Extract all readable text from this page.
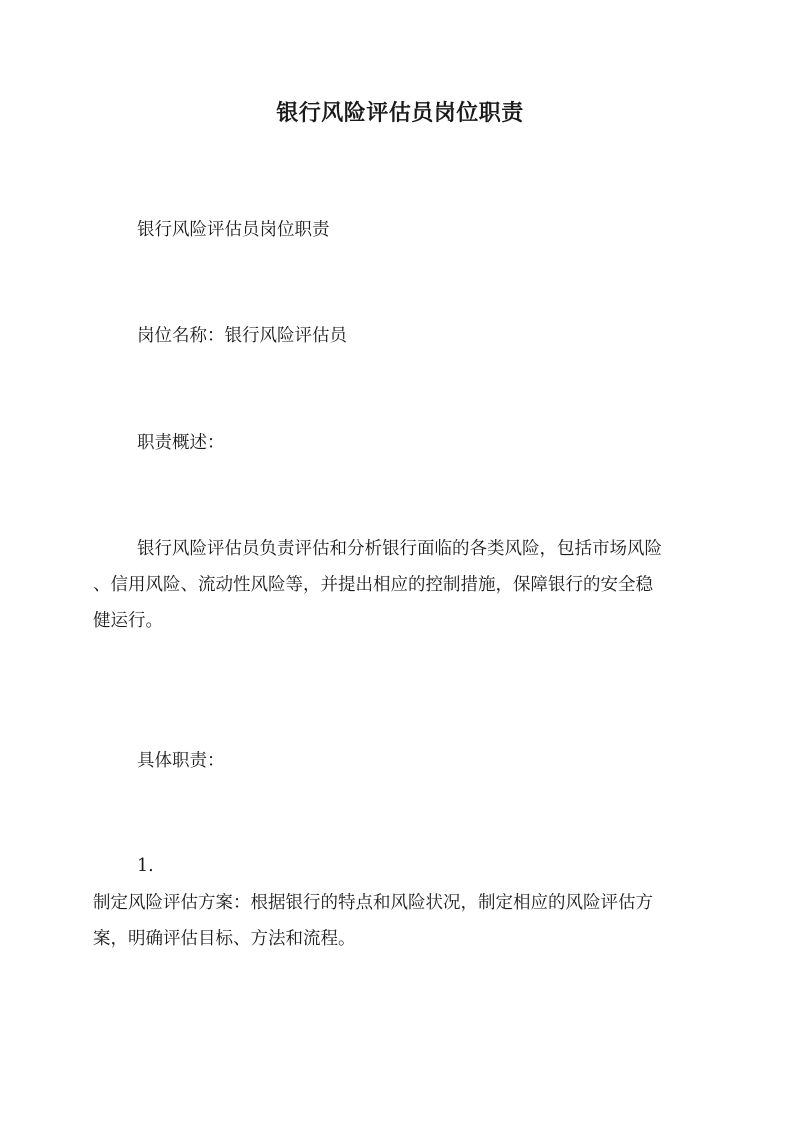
银行风险评估员岗位职责

银行风险评估员岗位职责

岗位名称：银行风险评估员

职责概述：

银行风险评估员负责评估和分析银行面临的各类风险，包括市场风险
、信用风险、流动性风险等，并提出相应的控制措施，保障银行的安全稳
健运行。

具体职责：

1.

制定风险评估方案：根据银行的特点和风险状况，制定相应的风险评估方
案，明确评估目标、方法和流程。
